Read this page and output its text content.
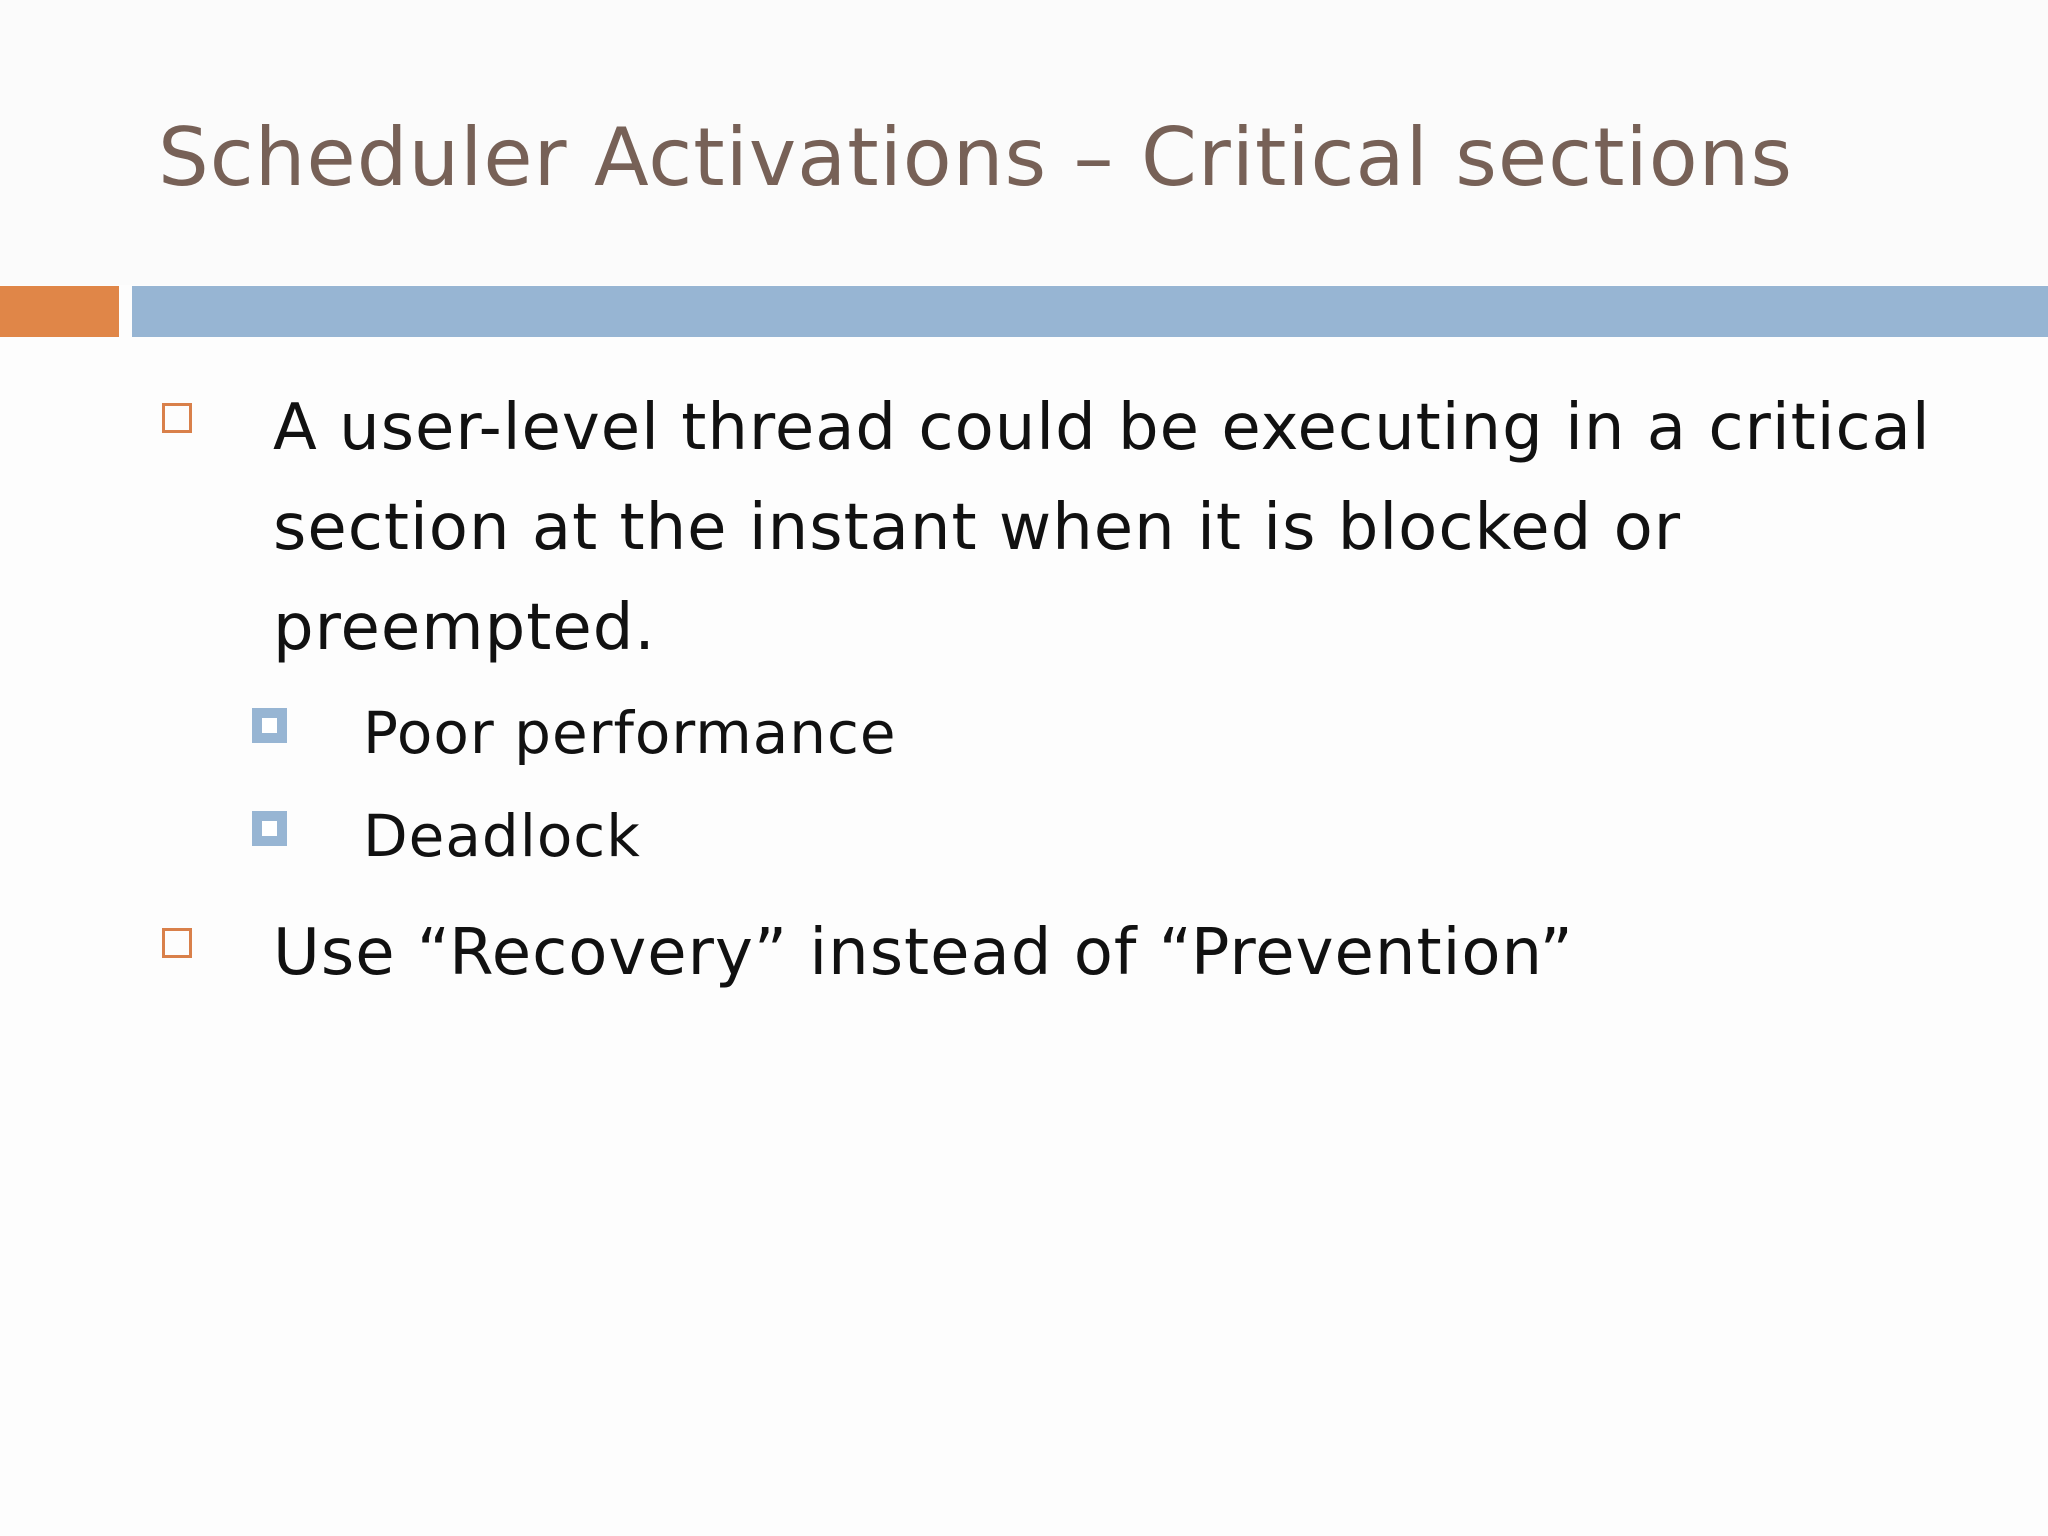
Scheduler Activations – Critical sections

A user-level thread could be executing in a critical section at the instant when it is blocked or preempted.

Poor performance

Deadlock

Use “Recovery” instead of “Prevention”
